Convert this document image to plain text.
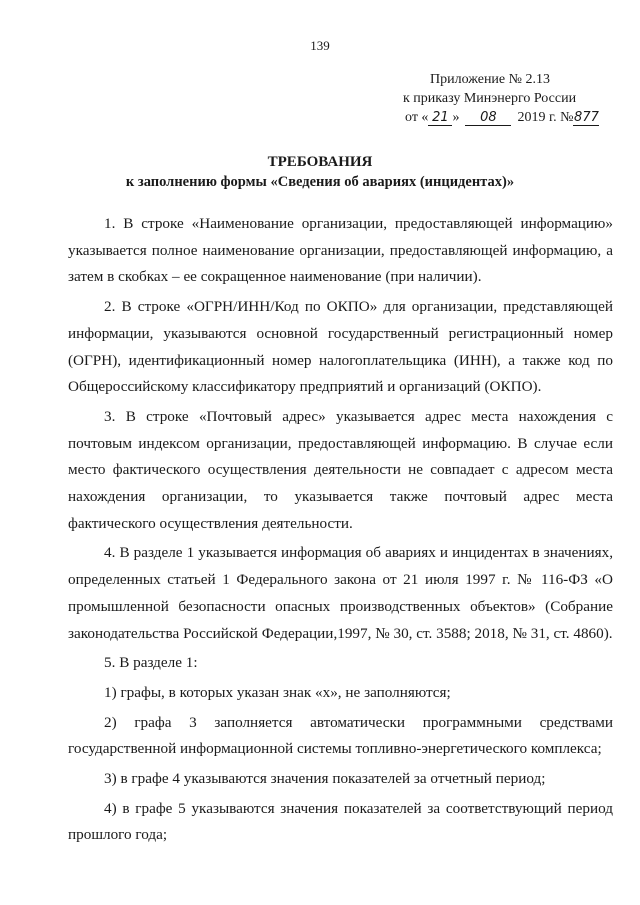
139
Приложение № 2.13
к приказу Минэнерго России
от « 21 » 08 2019 г. №877
ТРЕБОВАНИЯ
к заполнению формы «Сведения об авариях (инцидентах)»

1. В строке «Наименование организации, предоставляющей информацию» указывается полное наименование организации, предоставляющей информацию, а затем в скобках – ее сокращенное наименование (при наличии).

2. В строке «ОГРН/ИНН/Код по ОКПО» для организации, представляющей информации, указываются основной государственный регистрационный номер (ОГРН), идентификационный номер налогоплательщика (ИНН), а также код по Общероссийскому классификатору предприятий и организаций (ОКПО).

3. В строке «Почтовый адрес» указывается адрес места нахождения с почтовым индексом организации, предоставляющей информацию. В случае если место фактического осуществления деятельности не совпадает с адресом места нахождения организации, то указывается также почтовый адрес места фактического осуществления деятельности.

4. В разделе 1 указывается информация об авариях и инцидентах в значениях, определенных статьей 1 Федерального закона от 21 июля 1997 г. № 116-ФЗ «О промышленной безопасности опасных производственных объектов» (Собрание законодательства Российской Федерации,1997, № 30, ст. 3588; 2018, № 31, ст. 4860).

5. В разделе 1:

1) графы, в которых указан знак «х», не заполняются;

2) графа 3 заполняется автоматически программными средствами государственной информационной системы топливно-энергетического комплекса;

3) в графе 4 указываются значения показателей за отчетный период;

4) в графе 5 указываются значения показателей за соответствующий период прошлого года;
